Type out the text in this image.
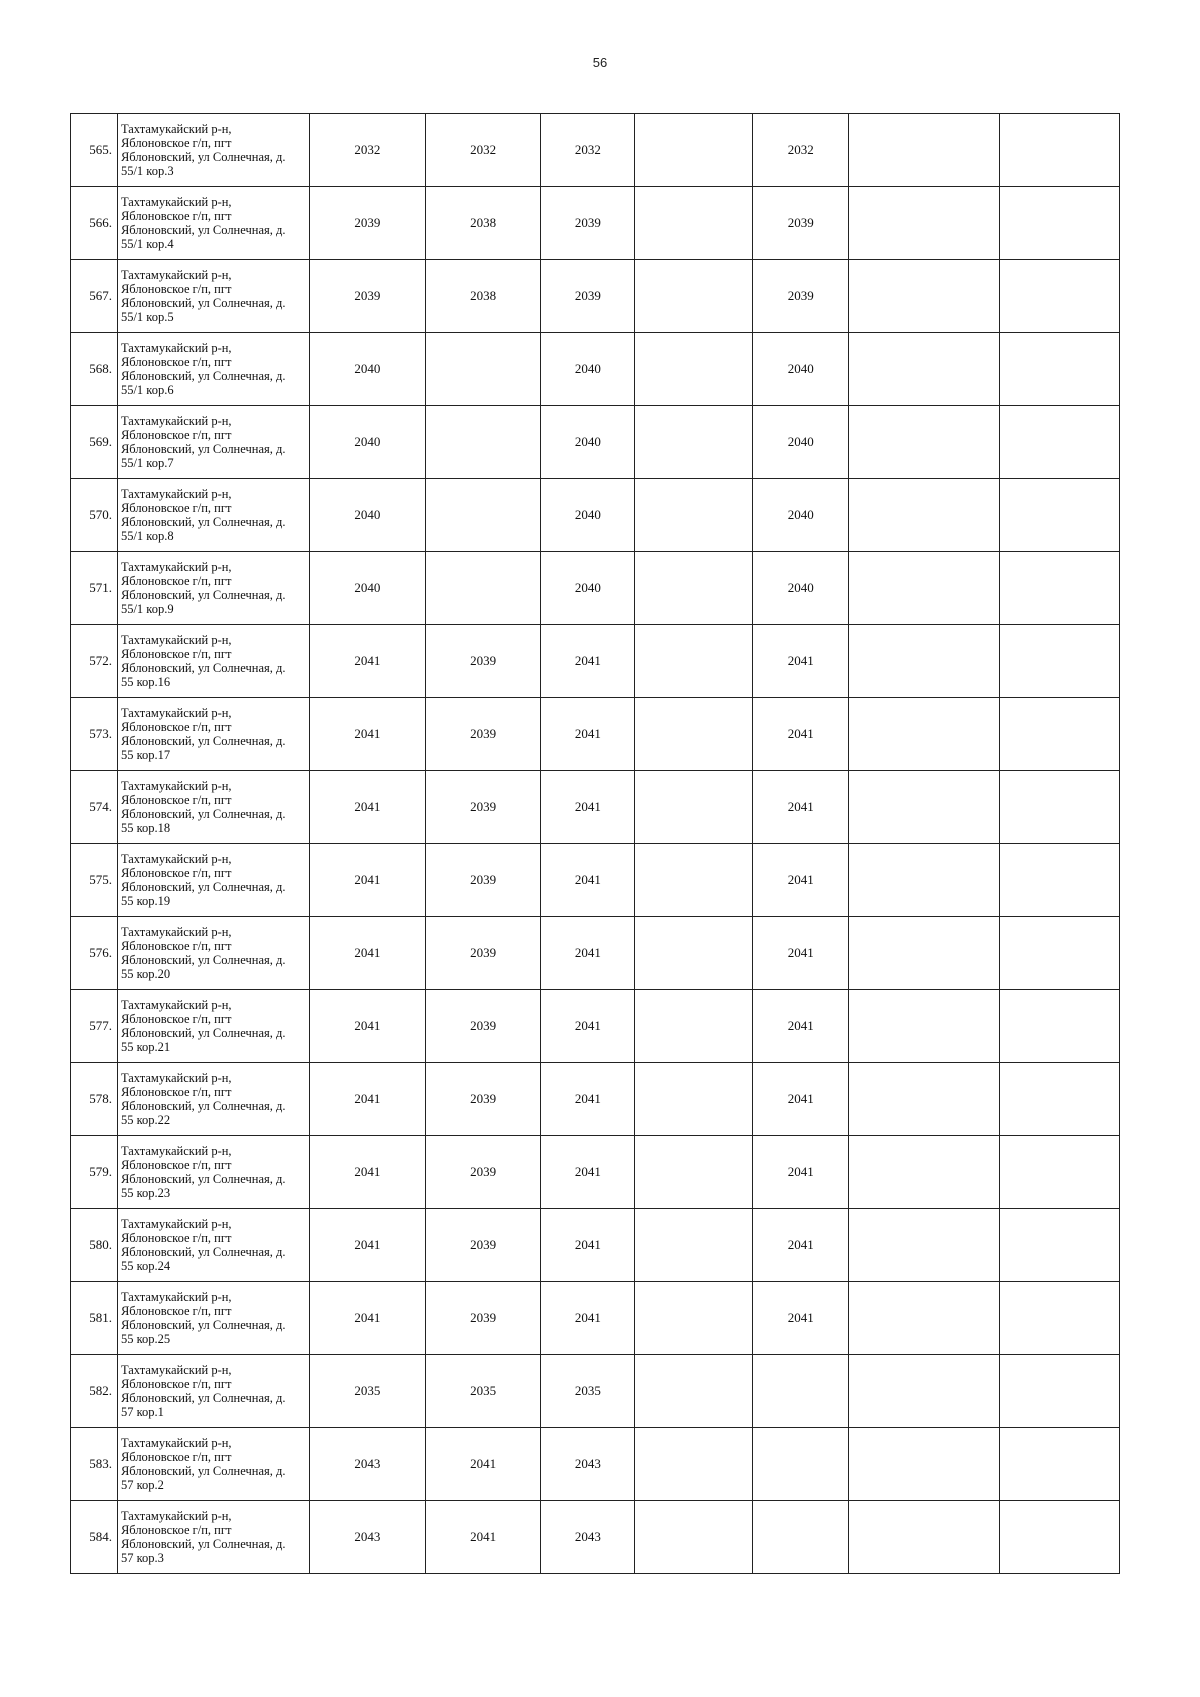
56
565.	Тахтамукайский р-н,
Яблоновское г/п, пгт
Яблоновский, ул Солнечная, д.
55/1 кор.3	2032	2032	2032		2032		
566.	Тахтамукайский р-н,
Яблоновское г/п, пгт
Яблоновский, ул Солнечная, д.
55/1 кор.4	2039	2038	2039		2039		
567.	Тахтамукайский р-н,
Яблоновское г/п, пгт
Яблоновский, ул Солнечная, д.
55/1 кор.5	2039	2038	2039		2039		
568.	Тахтамукайский р-н,
Яблоновское г/п, пгт
Яблоновский, ул Солнечная, д.
55/1 кор.6	2040		2040		2040		
569.	Тахтамукайский р-н,
Яблоновское г/п, пгт
Яблоновский, ул Солнечная, д.
55/1 кор.7	2040		2040		2040		
570.	Тахтамукайский р-н,
Яблоновское г/п, пгт
Яблоновский, ул Солнечная, д.
55/1 кор.8	2040		2040		2040		
571.	Тахтамукайский р-н,
Яблоновское г/п, пгт
Яблоновский, ул Солнечная, д.
55/1 кор.9	2040		2040		2040		
572.	Тахтамукайский р-н,
Яблоновское г/п, пгт
Яблоновский, ул Солнечная, д.
55 кор.16	2041	2039	2041		2041		
573.	Тахтамукайский р-н,
Яблоновское г/п, пгт
Яблоновский, ул Солнечная, д.
55 кор.17	2041	2039	2041		2041		
574.	Тахтамукайский р-н,
Яблоновское г/п, пгт
Яблоновский, ул Солнечная, д.
55 кор.18	2041	2039	2041		2041		
575.	Тахтамукайский р-н,
Яблоновское г/п, пгт
Яблоновский, ул Солнечная, д.
55 кор.19	2041	2039	2041		2041		
576.	Тахтамукайский р-н,
Яблоновское г/п, пгт
Яблоновский, ул Солнечная, д.
55 кор.20	2041	2039	2041		2041		
577.	Тахтамукайский р-н,
Яблоновское г/п, пгт
Яблоновский, ул Солнечная, д.
55 кор.21	2041	2039	2041		2041		
578.	Тахтамукайский р-н,
Яблоновское г/п, пгт
Яблоновский, ул Солнечная, д.
55 кор.22	2041	2039	2041		2041		
579.	Тахтамукайский р-н,
Яблоновское г/п, пгт
Яблоновский, ул Солнечная, д.
55 кор.23	2041	2039	2041		2041		
580.	Тахтамукайский р-н,
Яблоновское г/п, пгт
Яблоновский, ул Солнечная, д.
55 кор.24	2041	2039	2041		2041		
581.	Тахтамукайский р-н,
Яблоновское г/п, пгт
Яблоновский, ул Солнечная, д.
55 кор.25	2041	2039	2041		2041		
582.	Тахтамукайский р-н,
Яблоновское г/п, пгт
Яблоновский, ул Солнечная, д.
57 кор.1	2035	2035	2035				
583.	Тахтамукайский р-н,
Яблоновское г/п, пгт
Яблоновский, ул Солнечная, д.
57 кор.2	2043	2041	2043				
584.	Тахтамукайский р-н,
Яблоновское г/п, пгт
Яблоновский, ул Солнечная, д.
57 кор.3	2043	2041	2043				
